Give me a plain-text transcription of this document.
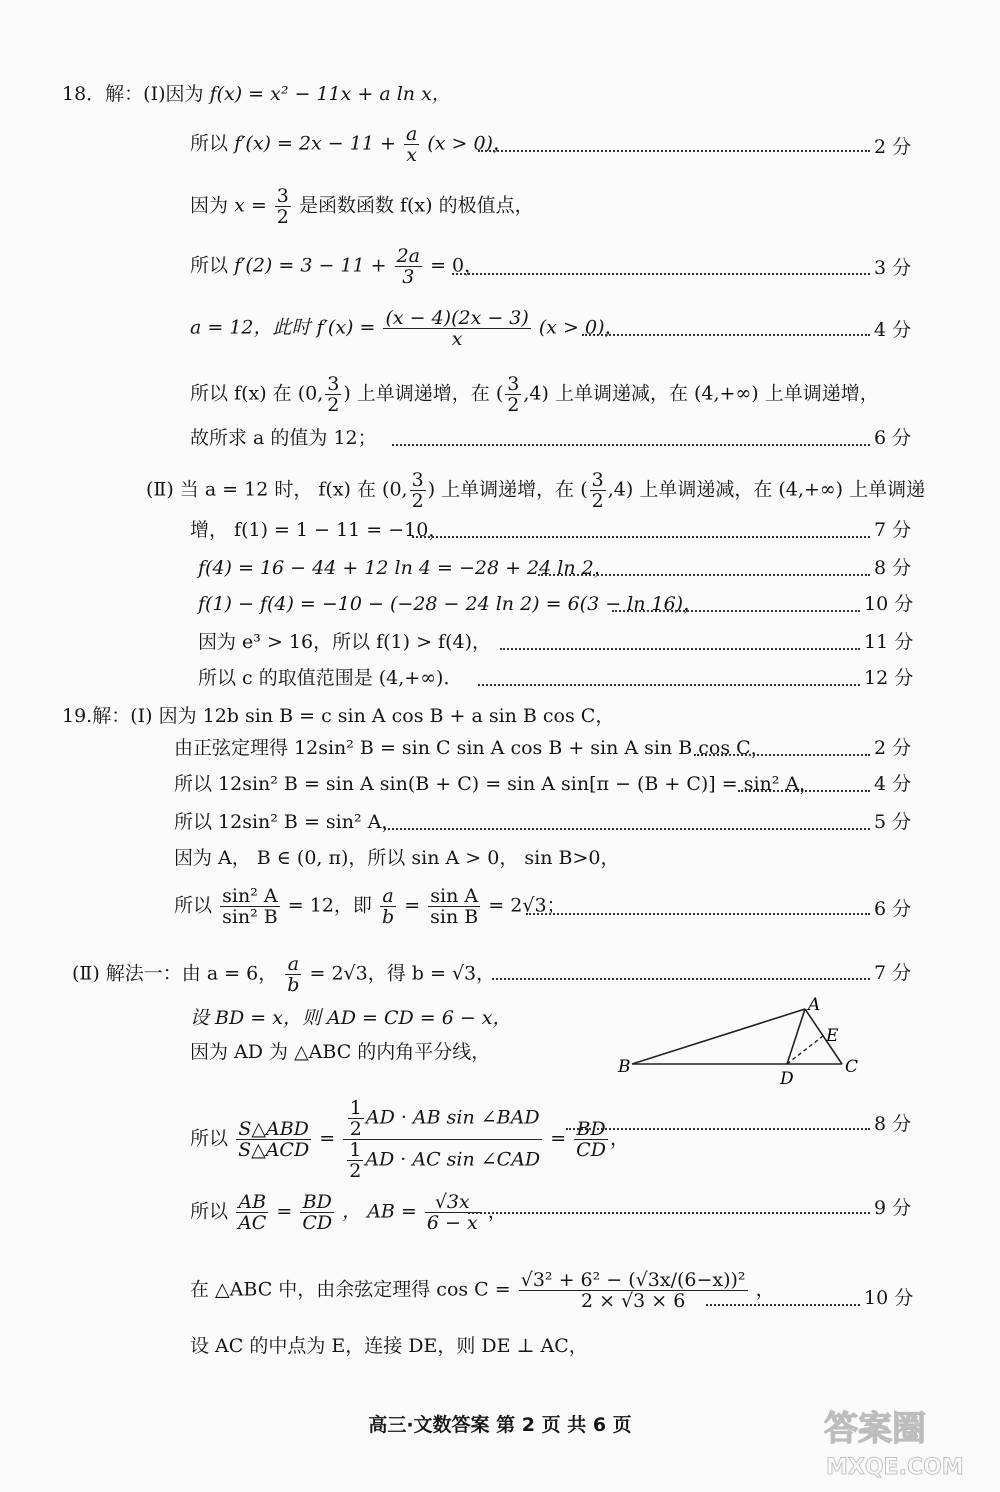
18．解：(Ⅰ)因为 f(x) = x² − 11x + a ln x，
所以 $f'(x) = 2x - 11 + \frac{a}{x} (x > 0)$，	2 分
因为 $x = \frac{3}{2}$ 是函数函数 f(x) 的极值点，
所以 $f'(2) = 3 - 11 + \frac{2a}{3} = 0$，	3 分
a = 12，此时 $f'(x) = \frac{(x - 4)(2x - 3)}{x} (x > 0)$，	4 分
所以 f(x) 在 (0, $\frac{3}{2}$ ) 上单调递增，在 ( $\frac{3}{2} ,4$) 上单调递减，在 (4,+∞) 上单调递增，
故所求 a 的值为 12；	6 分
(Ⅱ) 当 a = 12 时， f(x) 在 (0, $\frac{3}{2}$ ) 上单调递增，在 ( $\frac{3}{2} ,4$) 上单调递减，在 (4,+∞) 上单调递
增， f(1) = 1 − 11 = −10，	7 分
f(4) = 16 − 44 + 12 ln 4 = −28 + 24 ln 2，	8 分
f(1) − f(4) = −10 − (−28 − 24 ln 2) = 6(3 − ln 16)，	10 分
因为 e³ > 16，所以 f(1) > f(4)，	11 分
所以 c 的取值范围是 (4,+∞)．	12 分
19.解：(Ⅰ) 因为 12b sin B = c sin A cos B + a sin B cos C，
由正弦定理得 12sin² B = sin C sin A cos B + sin A sin B cos C，	2 分
所以 12sin² B = sin A sin(B + C) = sin A sin[π − (B + C)] = sin² A，	4 分
所以 12sin² B = sin² A，	5 分
因为 A， B ∈ (0, π)，所以 sin A > 0， sin B>0，
所以 $\frac{\text{sin² A}}{\text{sin² B}} = 12$，即 $\frac{a}{b} = \frac{\text{sin A}}{\text{sin B}} = 2√3$；	6 分
(Ⅱ) 解法一：由 a = 6， $\frac{a}{b} = 2√3$，得 b = √3，	7 分
设 BD = x，则 AD = CD = 6 − x，
因为 AD 为 △ABC 的内角平分线，
A
B	C
D
E
所以 $\frac{\text{S△ABD}}{\text{S△ACD}} = \frac{\frac{1}{2} AD \cdot AB \sin \angle BAD}{\frac{1}{2} AD \cdot AC \sin \angle CAD} = \frac{BD}{CD}$ ，
8 分
所以 $\frac{AB}{AC} = \frac{BD}{CD}$ ， AB = $\frac{√3x}{6 - x}$ ，	9 分
在 △ABC 中，由余弦定理得 $\cos C = \frac{\text{√3² + 6² − (√3x/(6−x))²}}{2 \times √3 \times 6}$ ，	10 分
设 AC 的中点为 E，连接 DE，则 DE ⊥ AC，
高三·文数答案 第 2 页 共 6 页	答案圈
MXQE.COM
